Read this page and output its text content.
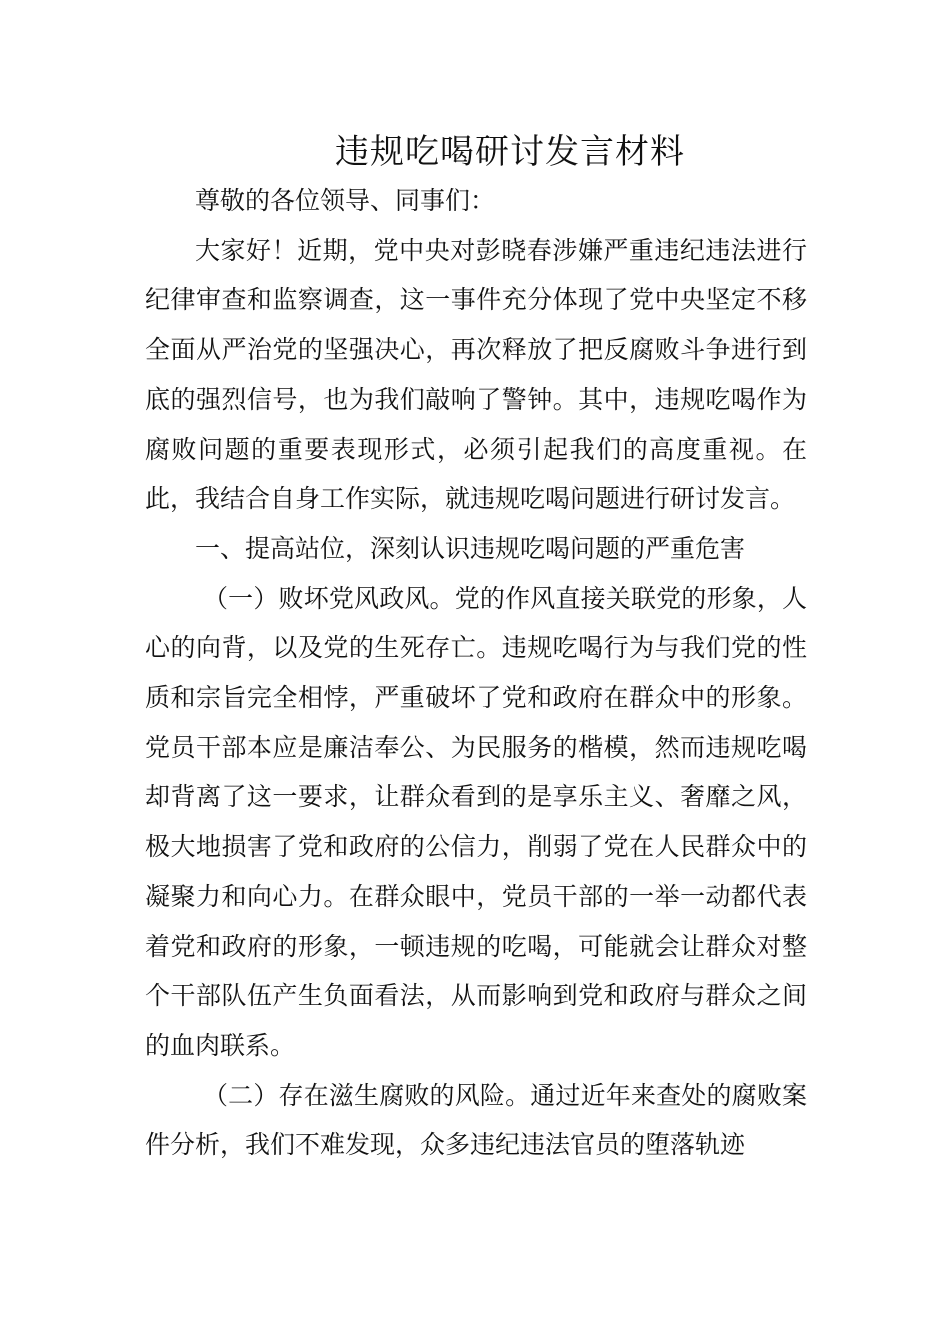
违规吃喝研讨发言材料

尊敬的各位领导、同事们：

大家好！近期，党中央对彭晓春涉嫌严重违纪违法进行纪律审查和监察调查，这一事件充分体现了党中央坚定不移全面从严治党的坚强决心，再次释放了把反腐败斗争进行到底的强烈信号，也为我们敲响了警钟。其中，违规吃喝作为腐败问题的重要表现形式，必须引起我们的高度重视。在此，我结合自身工作实际，就违规吃喝问题进行研讨发言。

一、提高站位，深刻认识违规吃喝问题的严重危害

（一）败坏党风政风。党的作风直接关联党的形象，人心的向背，以及党的生死存亡。违规吃喝行为与我们党的性质和宗旨完全相悖，严重破坏了党和政府在群众中的形象。党员干部本应是廉洁奉公、为民服务的楷模，然而违规吃喝却背离了这一要求，让群众看到的是享乐主义、奢靡之风，极大地损害了党和政府的公信力，削弱了党在人民群众中的凝聚力和向心力。在群众眼中，党员干部的一举一动都代表着党和政府的形象，一顿违规的吃喝，可能就会让群众对整个干部队伍产生负面看法，从而影响到党和政府与群众之间的血肉联系。

（二）存在滋生腐败的风险。通过近年来查处的腐败案件分析，我们不难发现，众多违纪违法官员的堕落轨迹
